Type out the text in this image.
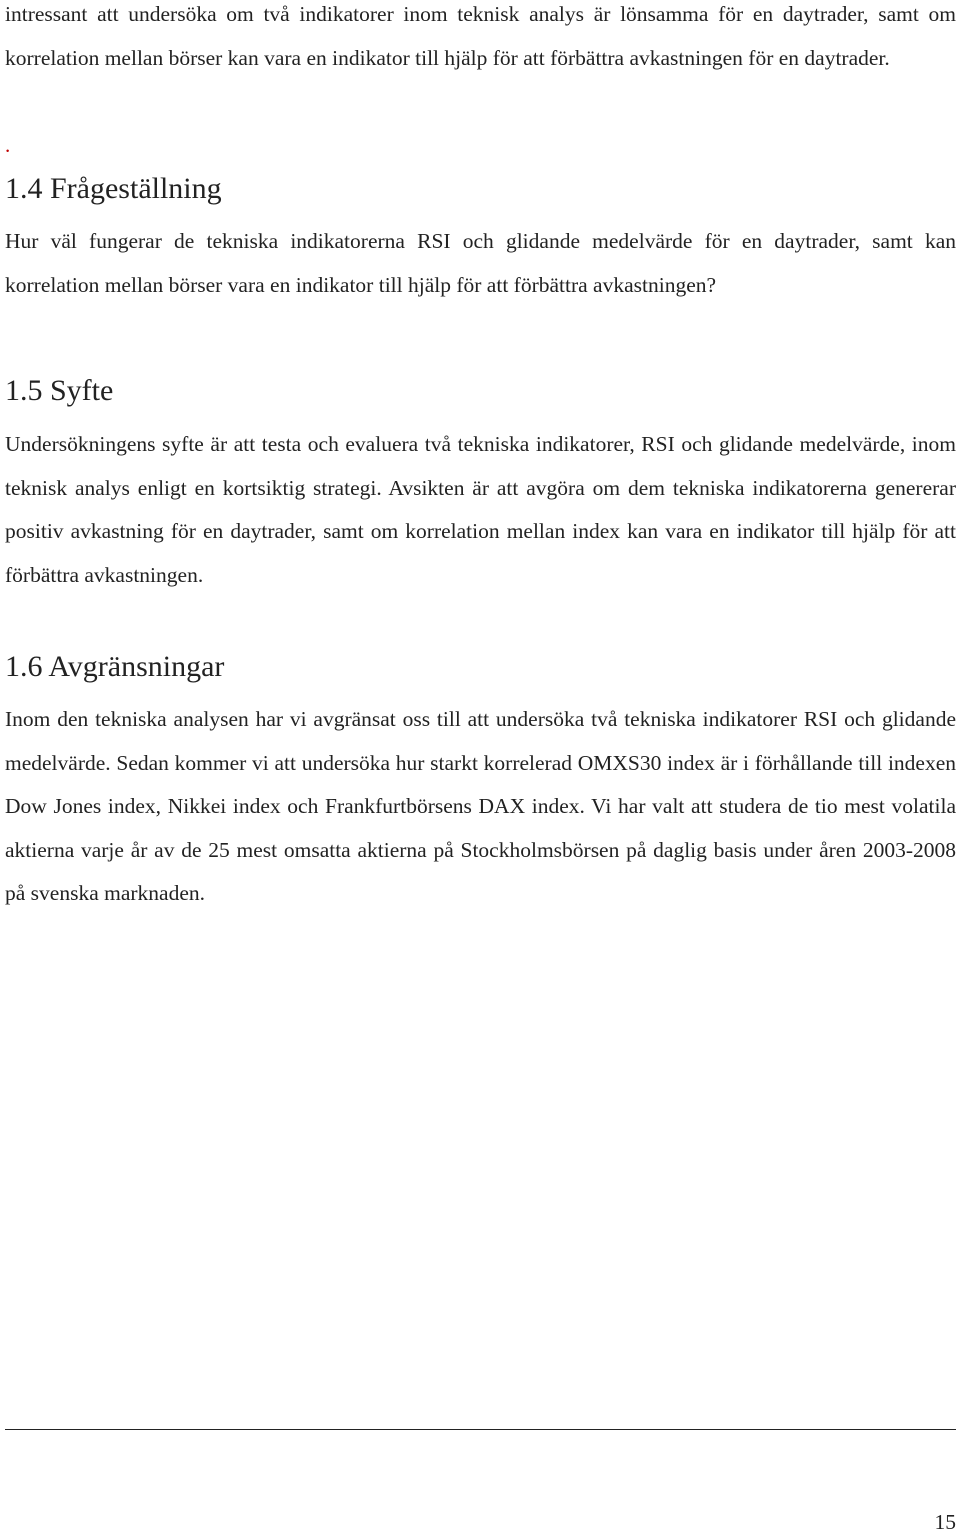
intressant att undersöka om två indikatorer inom teknisk analys är lönsamma för en daytrader, samt om korrelation mellan börser kan vara en indikator till hjälp för att förbättra avkastningen för en daytrader.

.
1.4 Frågeställning

Hur väl fungerar de tekniska indikatorerna RSI och glidande medelvärde för en daytrader, samt kan korrelation mellan börser vara en indikator till hjälp för att förbättra avkastningen?

1.5 Syfte

Undersökningens syfte är att testa och evaluera två tekniska indikatorer, RSI och glidande medelvärde, inom teknisk analys enligt en kortsiktig strategi. Avsikten är att avgöra om dem tekniska indikatorerna genererar positiv avkastning för en daytrader, samt om korrelation mellan index kan vara en indikator till hjälp för att förbättra avkastningen.

1.6 Avgränsningar

Inom den tekniska analysen har vi avgränsat oss till att undersöka två tekniska indikatorer RSI och glidande medelvärde. Sedan kommer vi att undersöka hur starkt korrelerad OMXS30 index är i förhållande till indexen Dow Jones index, Nikkei index och Frankfurtbörsens DAX index. Vi har valt att studera de tio mest volatila aktierna varje år av de 25 mest omsatta aktierna på Stockholmsbörsen på daglig basis under åren 2003-2008 på svenska marknaden.

15
